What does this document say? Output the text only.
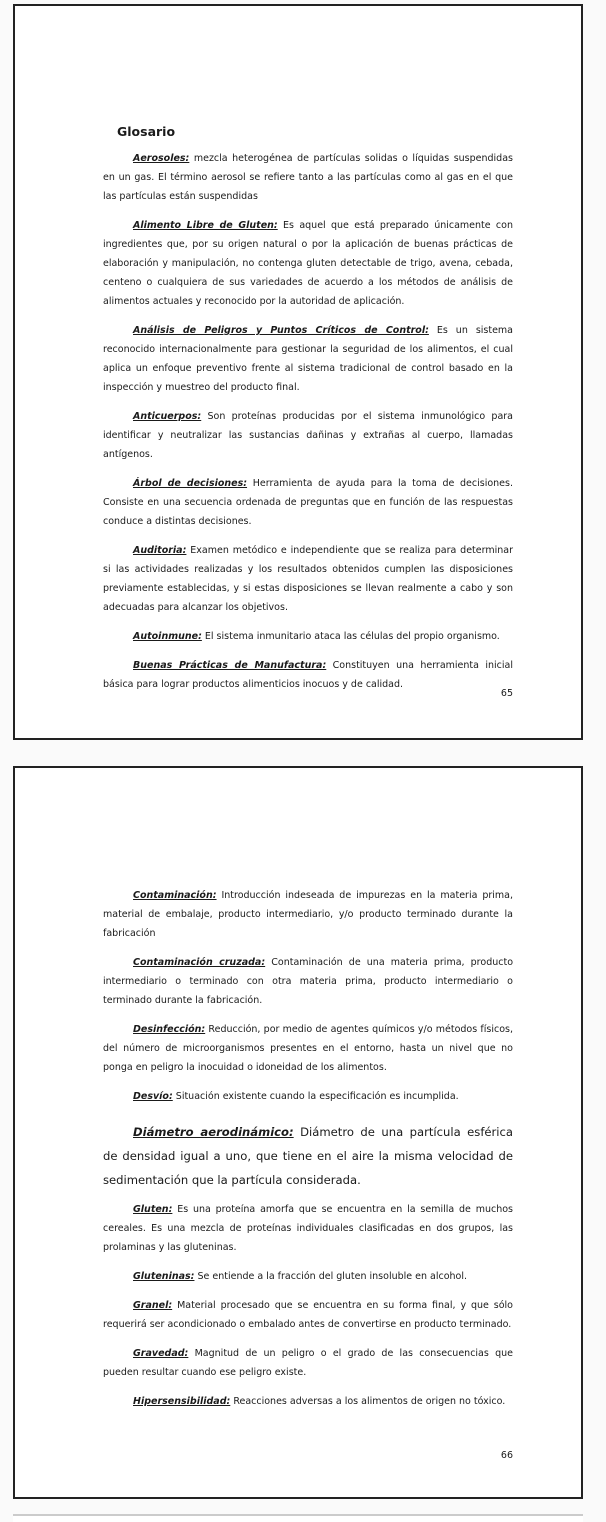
Glosario

Aerosoles: mezcla heterogénea de partículas solidas o líquidas suspendidas en un gas. El término aerosol se refiere tanto a las partículas como al gas en el que las partículas están suspendidas

Alimento Libre de Gluten: Es aquel que está preparado únicamente con ingredientes que, por su origen natural o por la aplicación de buenas prácticas de elaboración y manipulación, no contenga gluten detectable de trigo, avena, cebada, centeno o cualquiera de sus variedades de acuerdo a los métodos de análisis de alimentos actuales y reconocido por la autoridad de aplicación.

Análisis de Peligros y Puntos Críticos de Control: Es un sistema reconocido internacionalmente para gestionar la seguridad de los alimentos, el cual aplica un enfoque preventivo frente al sistema tradicional de control basado en la inspección y muestreo del producto final.

Anticuerpos: Son proteínas producidas por el sistema inmunológico para identificar y neutralizar las sustancias dañinas y extrañas al cuerpo, llamadas antígenos.

Árbol de decisiones: Herramienta de ayuda para la toma de decisiones. Consiste en una secuencia ordenada de preguntas que en función de las respuestas conduce a distintas decisiones.

Auditoria: Examen metódico e independiente que se realiza para determinar si las actividades realizadas y los resultados obtenidos cumplen las disposiciones previamente establecidas, y si estas disposiciones se llevan realmente a cabo y son adecuadas para alcanzar los objetivos.

Autoinmune: El sistema inmunitario ataca las células del propio organismo.

Buenas Prácticas de Manufactura: Constituyen una herramienta inicial básica para lograr productos alimenticios inocuos y de calidad.

65

Contaminación: Introducción indeseada de impurezas en la materia prima, material de embalaje, producto intermediario, y/o producto terminado durante la fabricación

Contaminación cruzada: Contaminación de una materia prima, producto intermediario o terminado con otra materia prima, producto intermediario o terminado durante la fabricación.

Desinfección: Reducción, por medio de agentes químicos y/o métodos físicos, del número de microorganismos presentes en el entorno, hasta un nivel que no ponga en peligro la inocuidad o idoneidad de los alimentos.

Desvío: Situación existente cuando la especificación es incumplida.

Diámetro aerodinámico: Diámetro de una partícula esférica de densidad igual a uno, que tiene en el aire la misma velocidad de sedimentación que la partícula considerada.

Gluten: Es una proteína amorfa que se encuentra en la semilla de muchos cereales. Es una mezcla de proteínas individuales clasificadas en dos grupos, las prolaminas y las gluteninas.

Gluteninas: Se entiende a la fracción del gluten insoluble en alcohol.

Granel: Material procesado que se encuentra en su forma final, y que sólo requerirá ser acondicionado o embalado antes de convertirse en producto terminado.

Gravedad: Magnitud de un peligro o el grado de las consecuencias que pueden resultar cuando ese peligro existe.

Hipersensibilidad: Reacciones adversas a los alimentos de origen no tóxico.

66
